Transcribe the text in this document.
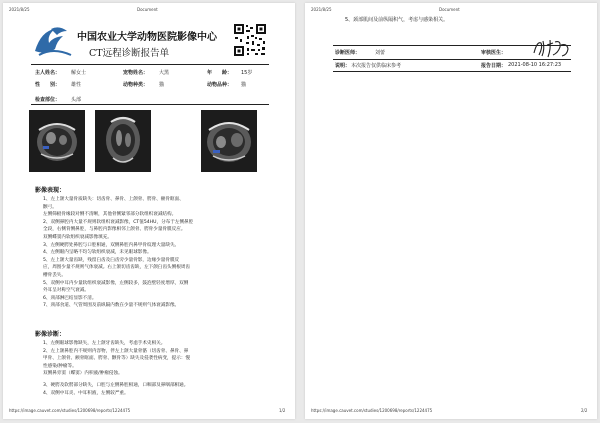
2021/8/25	Document
中国农业大学动物医院影像中心
CT远程诊断报告单
主人姓名： 解女士	宠物姓名： 大黑	年　　龄： 15岁
性　　别： 雄性	动物种类： 猫	动物品种： 猫
检查部位： 头部
影像表现：
1、左上颌大量骨质缺失：切齿骨、鼻骨、上颌骨、腭骨、额骨眶面、
颧弓。
左侧筛板骨缘较对侧不清晰，其他骨侧紧邻部分软组织衰减结构。
2、双侧鼻腔内大量不规则软组织衰减影像，CT值54HU，分布于左侧鼻腔
全段，右侧背侧鼻腔，与鼻腔内影像相邻上颌骨、腭骨少量骨膜反应。
双侧蝶窦内软组织衰减影像填充。
3、左侧硬腭处鼻腔与口腔相通，双侧鼻腔内鼻甲骨纹理大量缺失。
4、左侧眼内呈略不均匀软组织衰减，未见眼球影像。
5、左上颌大量齿缺，残留臼齿及臼齿旁少量骨影，边缘少量骨膜反
应，周围少量不规则气体衰减。右上颌切齿齿缺，左下颌臼齿头侧根周齿
槽骨丢失。
5、双侧中耳内少量软组织衰减影像，左侧较多，鼓泡壁轻度增厚，双侧
外耳呈对称空气衰减。
6、颈部淋巴结显影不清。
7、颈部食道、气管周围及前纵隔内数在少量不规则气体衰减影像。
影像诊断：
1、左侧眼球影像缺失，左上颌牙齿缺失，考虑手术史相关。
2、左上颌鼻腔内不规则内容物，伴左上颌大量骨骼（切齿骨、鼻骨、鼻
甲骨、上颌骨、额骨眶面、腭骨、颧骨等）缺失及侵袭性病变，提示：慢
性感染/肿瘤等。
双侧鼻旁窦（蝶窦）内积液/肿瘤侵蚀。
3、硬腭及软腭部分缺失，口腔与左侧鼻腔相通，口咽部及鼻咽部相通。
4、双侧中耳炎、中耳积液，左侧较严重。
https://image.cauvet.com/studies/1200698/reports/1224475	1/2
2021/8/25	Document
5、颈部肌间及前纵隔积气，考虑与感染相关。
诊断医师：	刘蕾	审核医生：
说明： 本次报告仅供临床参考	报告日期： 2021-08-10 16:27:23
https://image.cauvet.com/studies/1200698/reports/1224475	2/2
